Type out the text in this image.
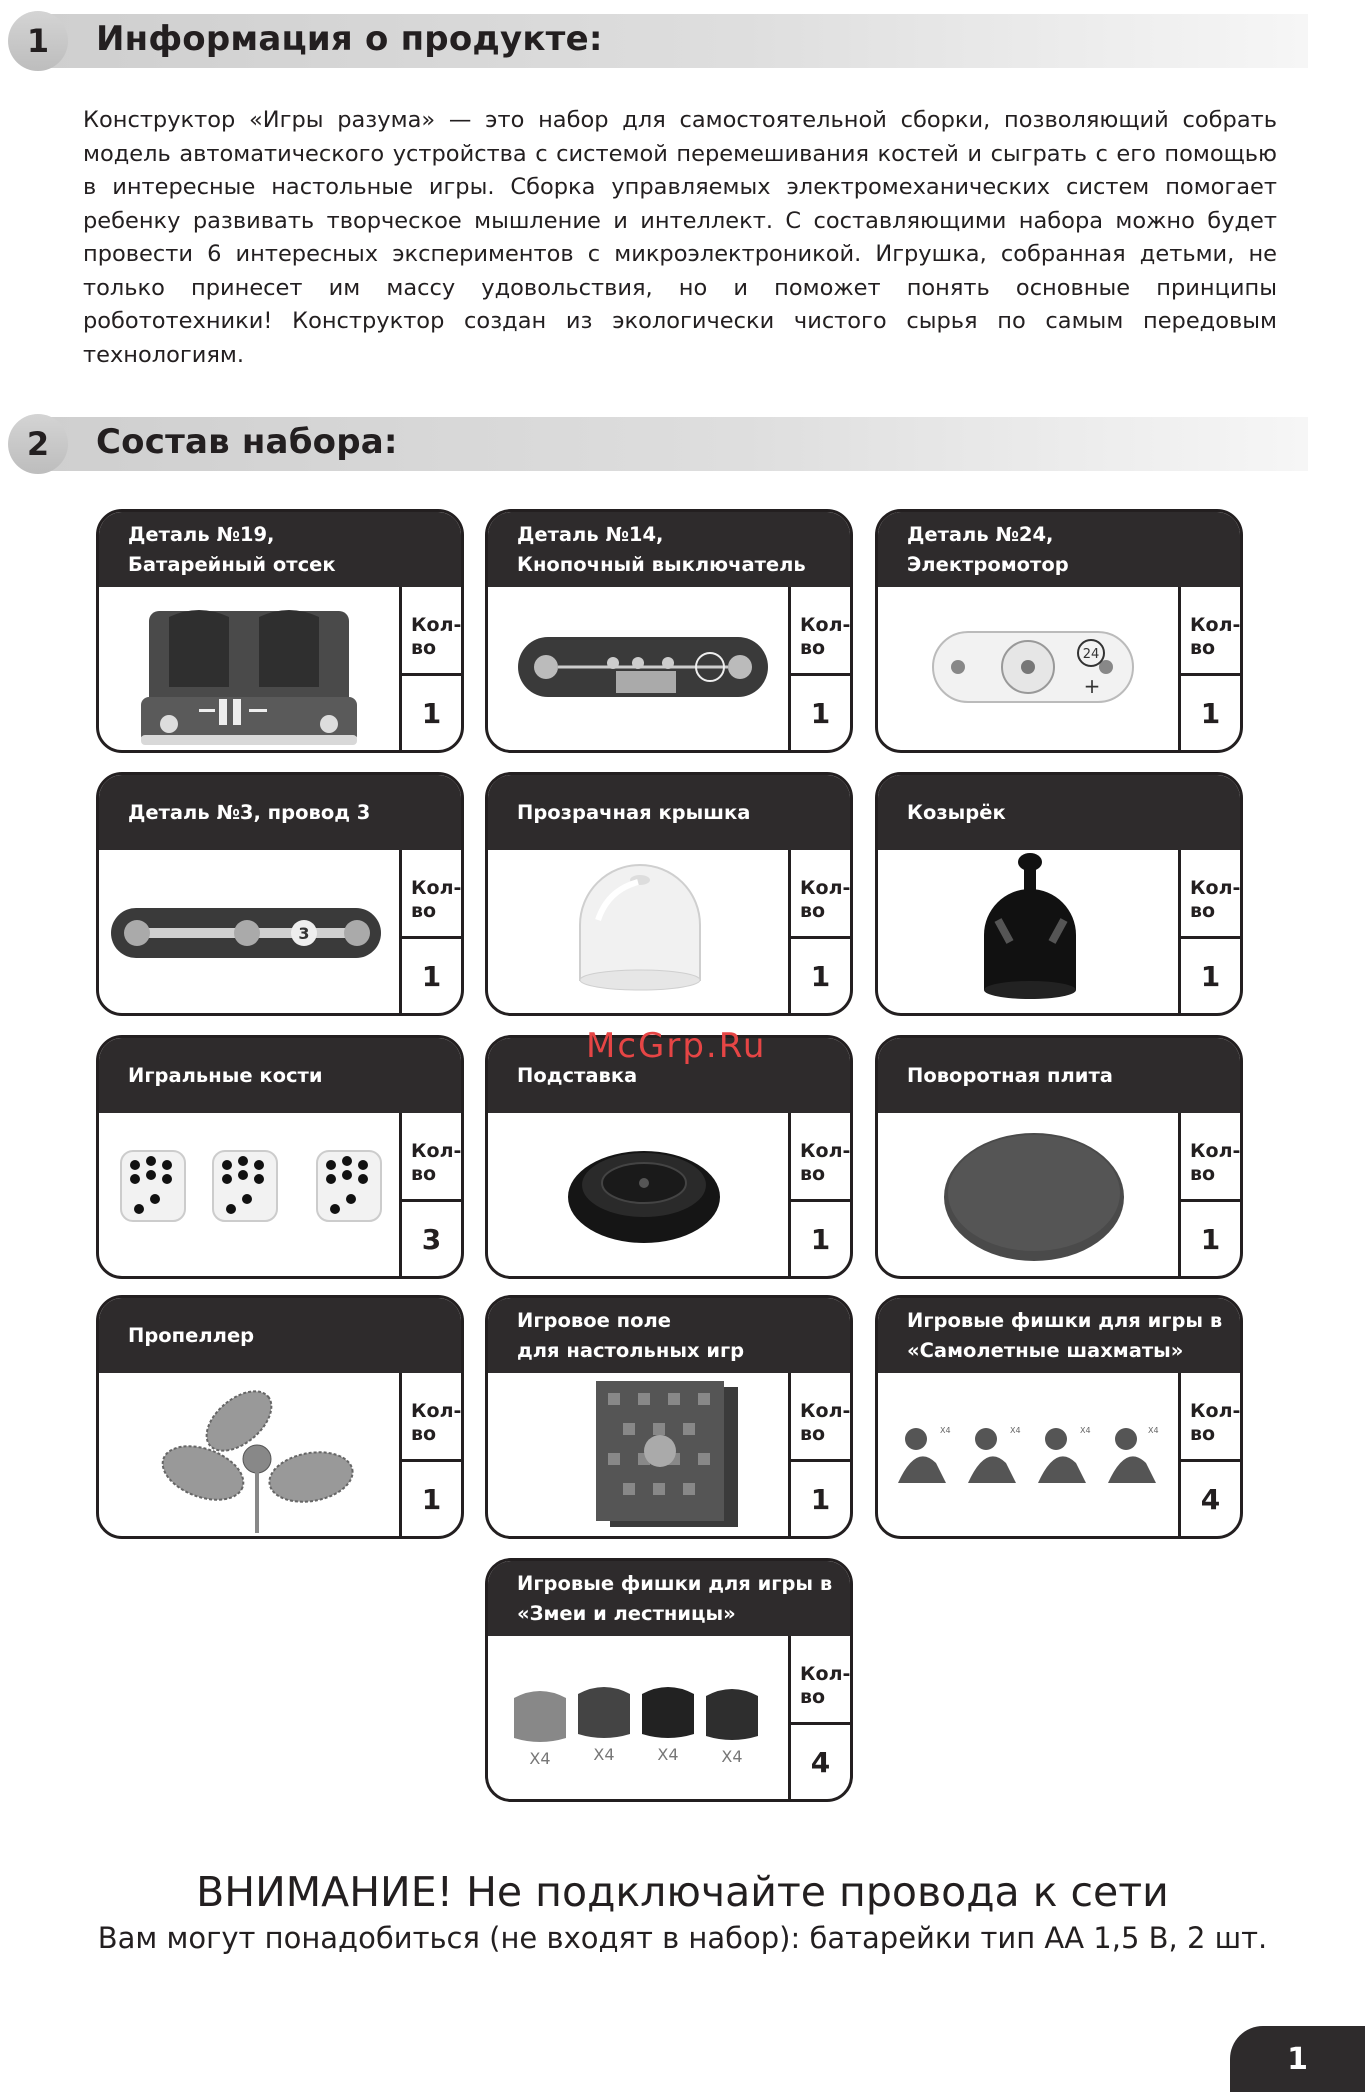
1	Информация о продукте:
Конструктор «Игры разума» — это набор для самостоятельной сборки, позволяющий собрать модель автоматического устройства с системой перемешивания костей и сыграть с его помощью в интересные настольные игры. Сборка управляемых электромеханических систем помогает ребенку развивать творческое мышление и интеллект. С составляющими набора можно будет провести 6 интересных экспериментов с микроэлектроникой. Игрушка, собранная детьми, не только принесет им массу удовольствия, но и поможет понять основные принципы робототехники! Конструктор создан из экологически чистого сырья по самым передовым технологиям.
2	Состав набора:
Деталь №19,
Батарейный отсек
Кол-во
1
Деталь №14,
Кнопочный выключатель
Кол-во
1
Деталь №24,
Электромотор
24
+
Кол-во
1
Деталь №3, провод 3
3
Кол-во
1
Прозрачная крышка
Кол-во
1
Козырёк
Кол-во
1
Игральные кости
Кол-во
3
Подставка
Кол-во
1
Поворотная плита
Кол-во
1
Пропеллер
Кол-во
1
Игровое поле
для настольных игр
Кол-во
1
Игровые фишки для игры в
«Самолетные шахматы»
X4	X4	X4	X4
Кол-во
4
Игровые фишки для игры в
«Змеи и лестницы»
X4	X4	X4	X4
Кол-во
4
McGrp.Ru
ВНИМАНИЕ! Не подключайте провода к сети
Вам могут понадобиться (не входят в набор): батарейки тип АА 1,5 В, 2 шт.
1
